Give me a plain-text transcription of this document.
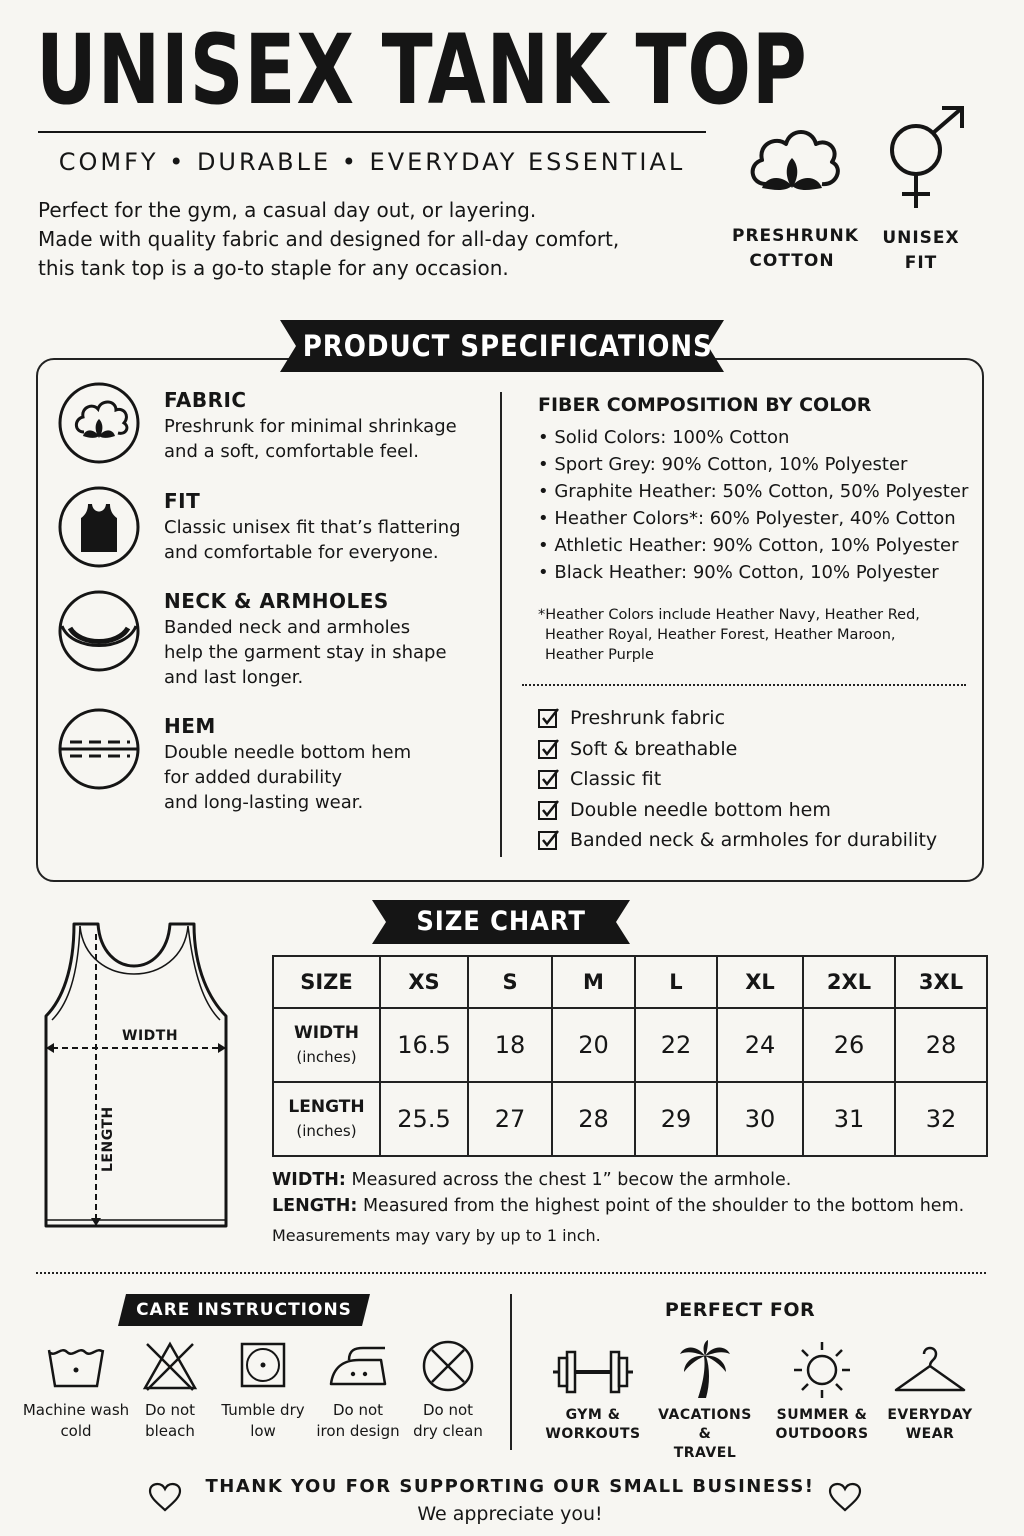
UNISEX TANK TOP
COMFY • DURABLE • EVERYDAY ESSENTIAL
Perfect for the gym, a casual day out, or layering.
Made with quality fabric and designed for all-day comfort,
this tank top is a go-to staple for any occasion.
PRESHRUNK
COTTON
UNISEX
FIT
PRODUCT SPECIFICATIONS
FABRIC
Preshrunk for minimal shrinkage
and a soft, comfortable feel.
FIT
Classic unisex fit that’s flattering
and comfortable for everyone.
NECK & ARMHOLES
Banded neck and armholes
help the garment stay in shape
and last longer.
HEM
Double needle bottom hem
for added durability
and long-lasting wear.
FIBER COMPOSITION BY COLOR
• Solid Colors: 100% Cotton
• Sport Grey: 90% Cotton, 10% Polyester
• Graphite Heather: 50% Cotton, 50% Polyester
• Heather Colors*: 60% Polyester, 40% Cotton
• Athletic Heather: 90% Cotton, 10% Polyester
• Black Heather: 90% Cotton, 10% Polyester
*Heather Colors include Heather Navy, Heather Red,
Heather Royal, Heather Forest, Heather Maroon,
Heather Purple
Preshrunk fabric
Soft & breathable
Classic fit
Double needle bottom hem
Banded neck & armholes for durability
SIZE CHART
WIDTH
LENGTH
SIZE	XS	S	M	L	XL	2XL	3XL

WIDTH
(inches)	16.5	18	20	22	24	26	28

LENGTH
(inches)	25.5	27	28	29	30	31	32
WIDTH: Measured across the chest 1” beсow the armhole.
LENGTH: Measured from the highest point of the shoulder to the bottom hem.
Measurements may vary by up to 1 inch.
CARE INSTRUCTIONS
Machine wash
cold
Do not
bleach
Tumble dry
low
Do not
iron design
Do not
dry clean
PERFECT FOR
GYM &
WORKOUTS
VACATIONS &
TRAVEL
SUMMER &
OUTDOORS
EVERYDAY
WEAR
THANK YOU FOR SUPPORTING OUR SMALL BUSINESS!
We appreciate you!
